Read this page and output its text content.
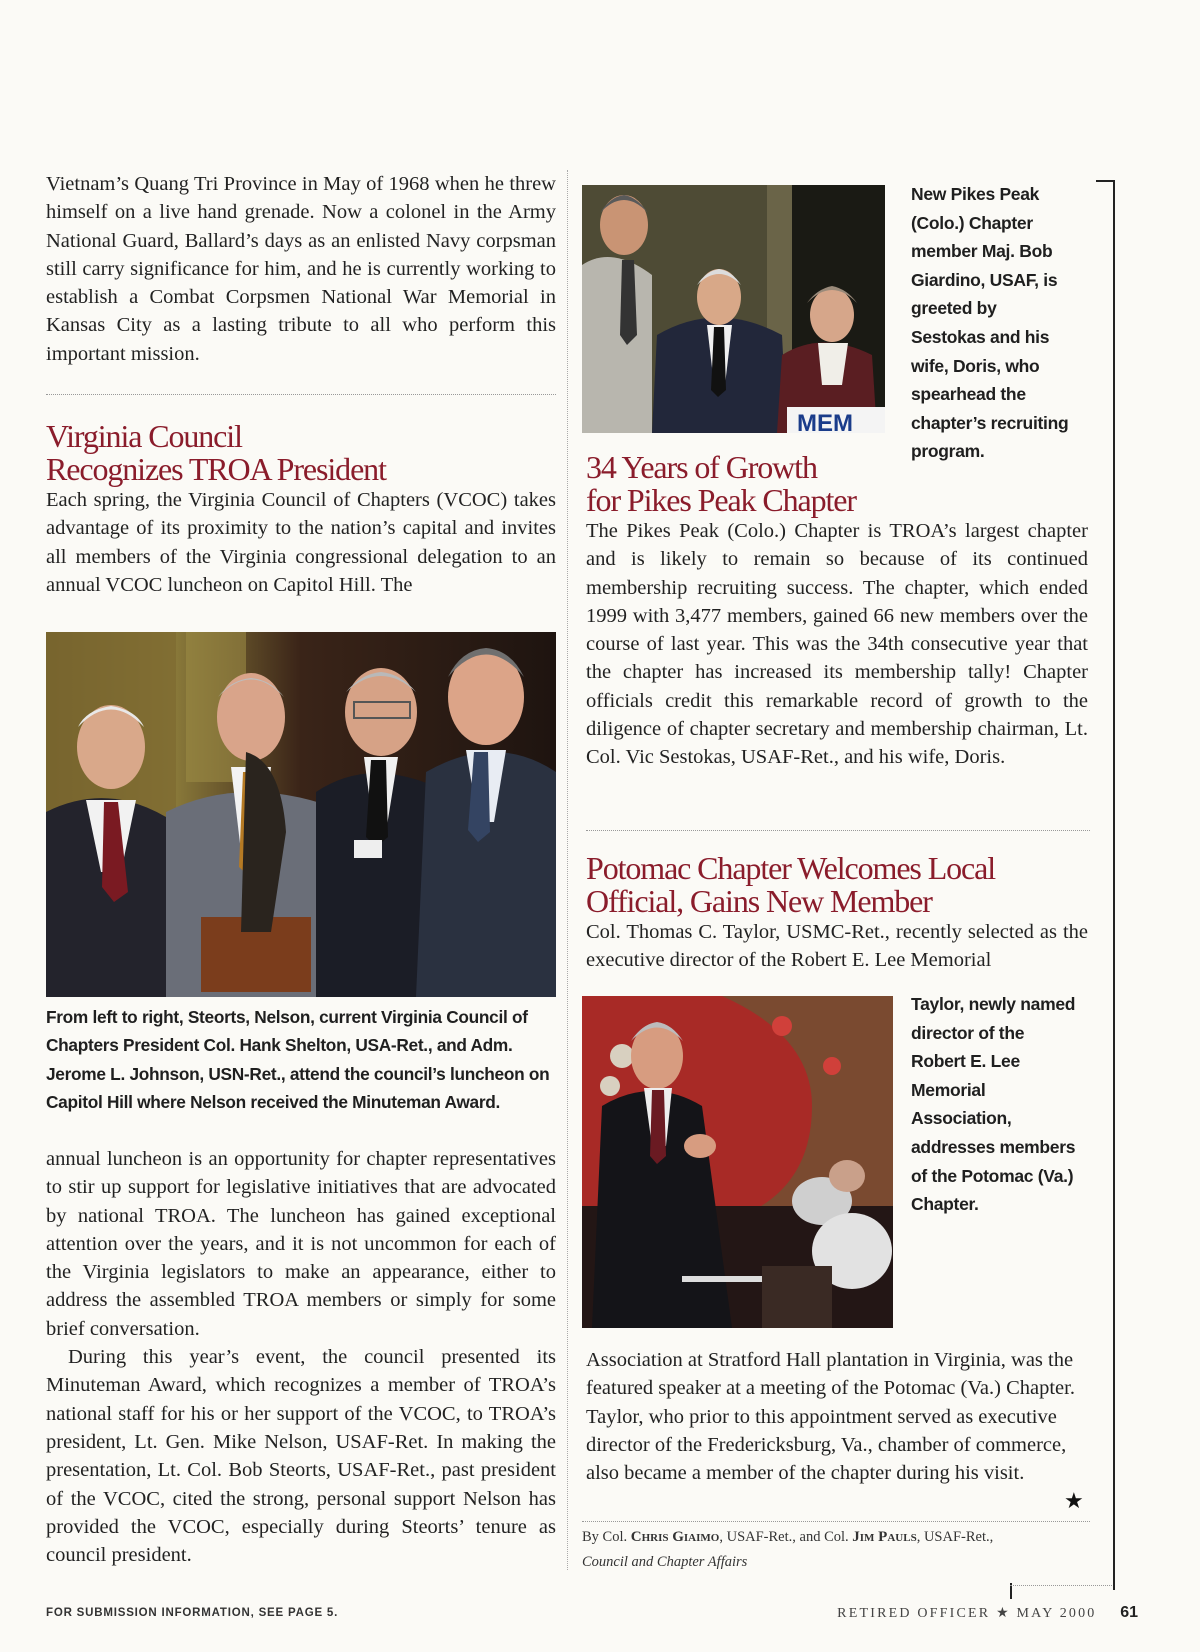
Vietnam’s Quang Tri Province in May of 1968 when he threw himself on a live hand grenade. Now a colonel in the Army National Guard, Ballard’s days as an enlisted Navy corpsman still carry significance for him, and he is currently working to establish a Combat Corpsmen National War Memorial in Kansas City as a lasting tribute to all who perform this important mission.

Virginia Council
Recognizes TROA President

Each spring, the Virginia Council of Chapters (VCOC) takes advantage of its proximity to the nation’s capital and invites all members of the Virginia congressional delegation to an annual VCOC luncheon on Capitol Hill. The

From left to right, Steorts, Nelson, current Virginia Council of Chapters President Col. Hank Shelton, USA-Ret., and Adm. Jerome L. Johnson, USN-Ret., attend the council’s luncheon on Capitol Hill where Nelson received the Minuteman Award.

annual luncheon is an opportunity for chapter representatives to stir up support for legislative initiatives that are advocated by national TROA. The luncheon has gained exceptional attention over the years, and it is not uncommon for each of the Virginia legislators to make an appearance, either to address the assembled TROA members or simply for some brief conversation.

During this year’s event, the council presented its Minuteman Award, which recognizes a member of TROA’s national staff for his or her support of the VCOC, to TROA’s president, Lt. Gen. Mike Nelson, USAF-Ret. In making the presentation, Lt. Col. Bob Steorts, USAF-Ret., past president of the VCOC, cited the strong, personal support Nelson has provided the VCOC, especially during Steorts’ tenure as council president.

MEM

New Pikes Peak (Colo.) Chapter member Maj. Bob Giardino, USAF, is greeted by Sestokas and his wife, Doris, who spearhead the chapter’s recruiting program.

34 Years of Growth
for Pikes Peak Chapter

The Pikes Peak (Colo.) Chapter is TROA’s largest chapter and is likely to remain so because of its continued membership recruiting success. The chapter, which ended 1999 with 3,477 members, gained 66 new members over the course of last year. This was the 34th consecutive year that the chapter has increased its membership tally! Chapter officials credit this remarkable record of growth to the diligence of chapter secretary and membership chairman, Lt. Col. Vic Sestokas, USAF-Ret., and his wife, Doris.

Potomac Chapter Welcomes Local
Official, Gains New Member

Col. Thomas C. Taylor, USMC-Ret., recently selected as the executive director of the Robert E. Lee Memorial

Taylor, newly named director of the Robert E. Lee Memorial Association, addresses members of the Potomac (Va.) Chapter.

Association at Stratford Hall plantation in Virginia, was the featured speaker at a meeting of the Potomac (Va.) Chapter. Taylor, who prior to this appointment served as executive director of the Fredericksburg, Va., chamber of commerce, also became a member of the chapter during his visit.

★

By Col. Chris Giaimo, USAF-Ret., and Col. Jim Pauls, USAF-Ret.,
Council and Chapter Affairs

FOR SUBMISSION INFORMATION, SEE PAGE 5.	RETIRED OFFICER ★ MAY 2000 61
